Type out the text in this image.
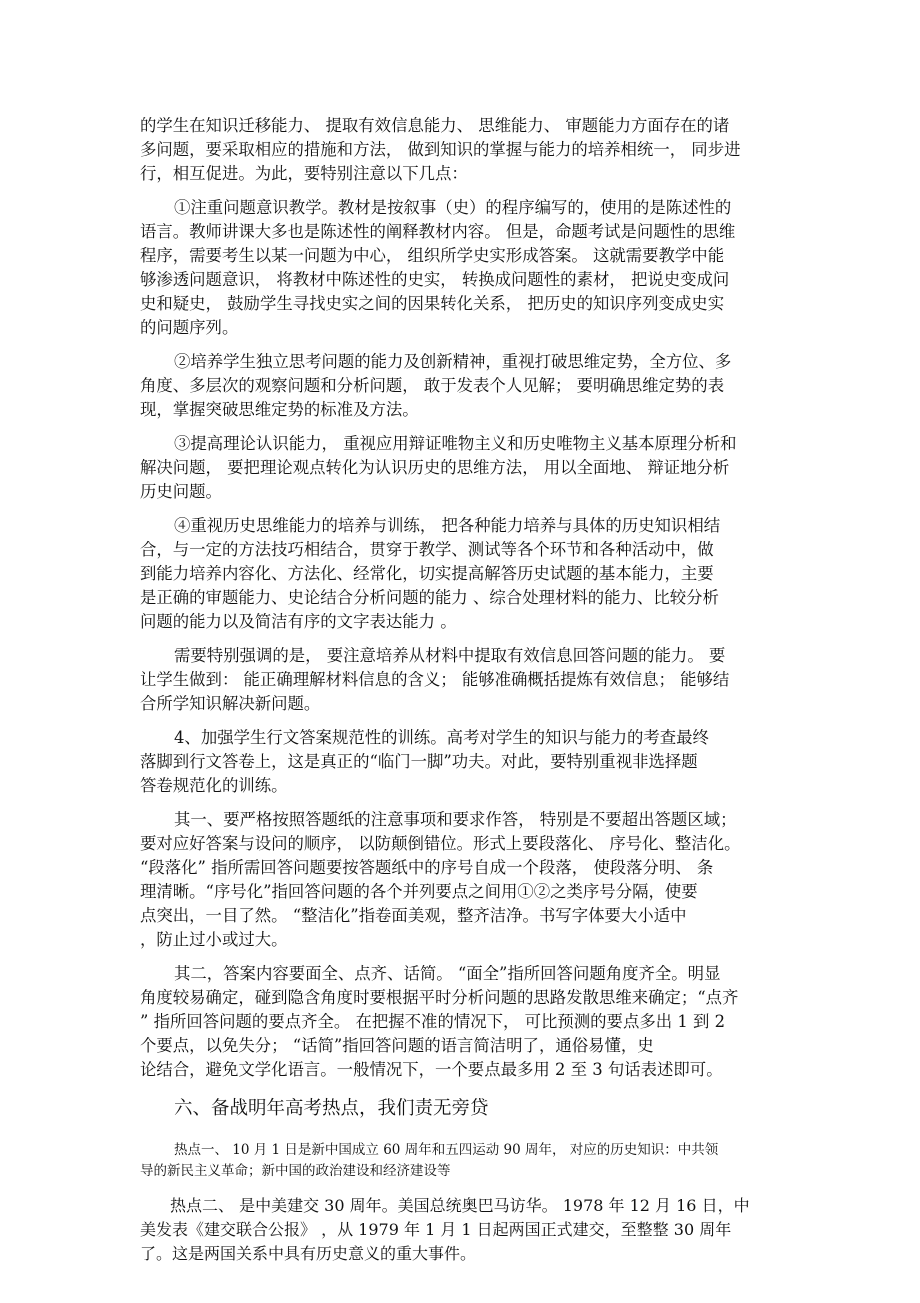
的学生在知识迁移能力、 提取有效信息能力、 思维能力、 审题能力方面存在的诸
多问题，要采取相应的措施和方法， 做到知识的掌握与能力的培养相统一， 同步进
行，相互促进。为此，要特别注意以下几点：
①注重问题意识教学。教材是按叙事（史）的程序编写的，使用的是陈述性的
语言。教师讲课大多也是陈述性的阐释教材内容。 但是，命题考试是问题性的思维
程序，需要考生以某一问题为中心， 组织所学史实形成答案。 这就需要教学中能
够渗透问题意识， 将教材中陈述性的史实， 转换成问题性的素材， 把说史变成问
史和疑史， 鼓励学生寻找史实之间的因果转化关系， 把历史的知识序列变成史实
的问题序列。
②培养学生独立思考问题的能力及创新精神，重视打破思维定势，全方位、多
角度、多层次的观察问题和分析问题， 敢于发表个人见解； 要明确思维定势的表
现，掌握突破思维定势的标准及方法。
③提高理论认识能力， 重视应用辩证唯物主义和历史唯物主义基本原理分析和
解决问题， 要把理论观点转化为认识历史的思维方法， 用以全面地、 辩证地分析
历史问题。
④重视历史思维能力的培养与训练， 把各种能力培养与具体的历史知识相结
合，与一定的方法技巧相结合，贯穿于教学、测试等各个环节和各种活动中，做
到能力培养内容化、方法化、经常化，切实提高解答历史试题的基本能力，主要
是正确的审题能力、史论结合分析问题的能力 、综合处理材料的能力、比较分析
问题的能力以及简洁有序的文字表达能力 。
需要特别强调的是， 要注意培养从材料中提取有效信息回答问题的能力。 要
让学生做到： 能正确理解材料信息的含义； 能够准确概括提炼有效信息； 能够结
合所学知识解决新问题。
4、加强学生行文答案规范性的训练。高考对学生的知识与能力的考查最终
落脚到行文答卷上，这是真正的“临门一脚”功夫。对此，要特别重视非选择题
答卷规范化的训练。
其一、要严格按照答题纸的注意事项和要求作答， 特别是不要超出答题区域；
要对应好答案与设问的顺序， 以防颠倒错位。形式上要段落化、 序号化、整洁化。
“段落化” 指所需回答问题要按答题纸中的序号自成一个段落， 使段落分明、 条
理清晰。“序号化”指回答问题的各个并列要点之间用①②之类序号分隔，使要
点突出，一目了然。 “整洁化”指卷面美观，整齐洁净。书写字体要大小适中
，防止过小或过大。
其二，答案内容要面全、点齐、话简。 “面全”指所回答问题角度齐全。明显
角度较易确定，碰到隐含角度时要根据平时分析问题的思路发散思维来确定；“点齐
” 指所回答问题的要点齐全。 在把握不准的情况下， 可比预测的要点多出 1 到 2
个要点，以免失分； “话简”指回答问题的语言简洁明了，通俗易懂，史
论结合，避免文学化语言。一般情况下，一个要点最多用 2 至 3 句话表述即可。
六、备战明年高考热点，我们责无旁贷
热点一、 10 月 1 日是新中国成立 60 周年和五四运动 90 周年， 对应的历史知识：中共领
导的新民主义革命；新中国的政治建设和经济建设等
热点二、 是中美建交 30 周年。美国总统奥巴马访华。 1978 年 12 月 16 日，中
美发表《建交联合公报》 ，从 1979 年 1 月 1 日起两国正式建交，至整整 30 周年
了。这是两国关系中具有历史意义的重大事件。
